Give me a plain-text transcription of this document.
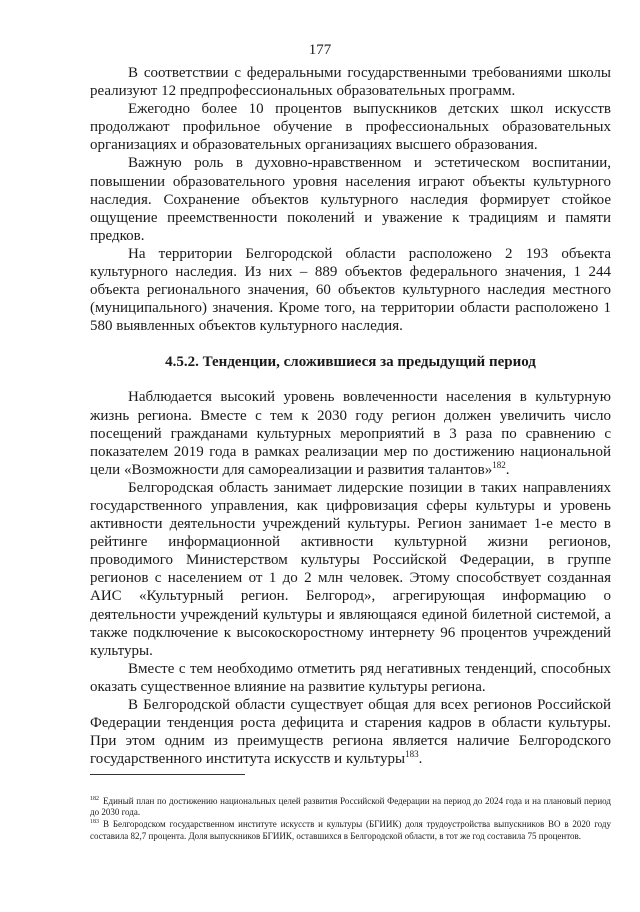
177

В соответствии с федеральными государственными требованиями школы реализуют 12 предпрофессиональных образовательных программ.

Ежегодно более 10 процентов выпускников детских школ искусств продолжают профильное обучение в профессиональных образовательных организациях и образовательных организациях высшего образования.

Важную роль в духовно-нравственном и эстетическом воспитании, повышении образовательного уровня населения играют объекты культурного наследия. Сохранение объектов культурного наследия формирует стойкое ощущение преемственности поколений и уважение к традициям и памяти предков.

На территории Белгородской области расположено 2 193 объекта культурного наследия. Из них – 889 объектов федерального значения, 1 244 объекта регионального значения, 60 объектов культурного наследия местного (муниципального) значения. Кроме того, на территории области расположено 1 580 выявленных объектов культурного наследия.

4.5.2. Тенденции, сложившиеся за предыдущий период

Наблюдается высокий уровень вовлеченности населения в культурную жизнь региона. Вместе с тем к 2030 году регион должен увеличить число посещений гражданами культурных мероприятий в 3 раза по сравнению с показателем 2019 года в рамках реализации мер по достижению национальной цели «Возможности для самореализации и развития талантов»$^{182}$.

Белгородская область занимает лидерские позиции в таких направлениях государственного управления, как цифровизация сферы культуры и уровень активности деятельности учреждений культуры. Регион занимает 1-е место в рейтинге информационной активности культурной жизни регионов, проводимого Министерством культуры Российской Федерации, в группе регионов с населением от 1 до 2 млн человек. Этому способствует созданная АИС «Культурный регион. Белгород», агрегирующая информацию о деятельности учреждений культуры и являющаяся единой билетной системой, а также подключение к высокоскоростному интернету 96 процентов учреждений культуры.

Вместе с тем необходимо отметить ряд негативных тенденций, способных оказать существенное влияние на развитие культуры региона.

В Белгородской области существует общая для всех регионов Российской Федерации тенденция роста дефицита и старения кадров в области культуры. При этом одним из преимуществ региона является наличие Белгородского государственного института искусств и культуры$^{183}$.

$^{182}$ Единый план по достижению национальных целей развития Российской Федерации на период до 2024 года и на плановый период до 2030 года.

$^{183}$ В Белгородском государственном институте искусств и культуры (БГИИК) доля трудоустройства выпускников ВО в 2020 году составила 82,7 процента. Доля выпускников БГИИК, оставшихся в Белгородской области, в тот же год составила 75 процентов.
